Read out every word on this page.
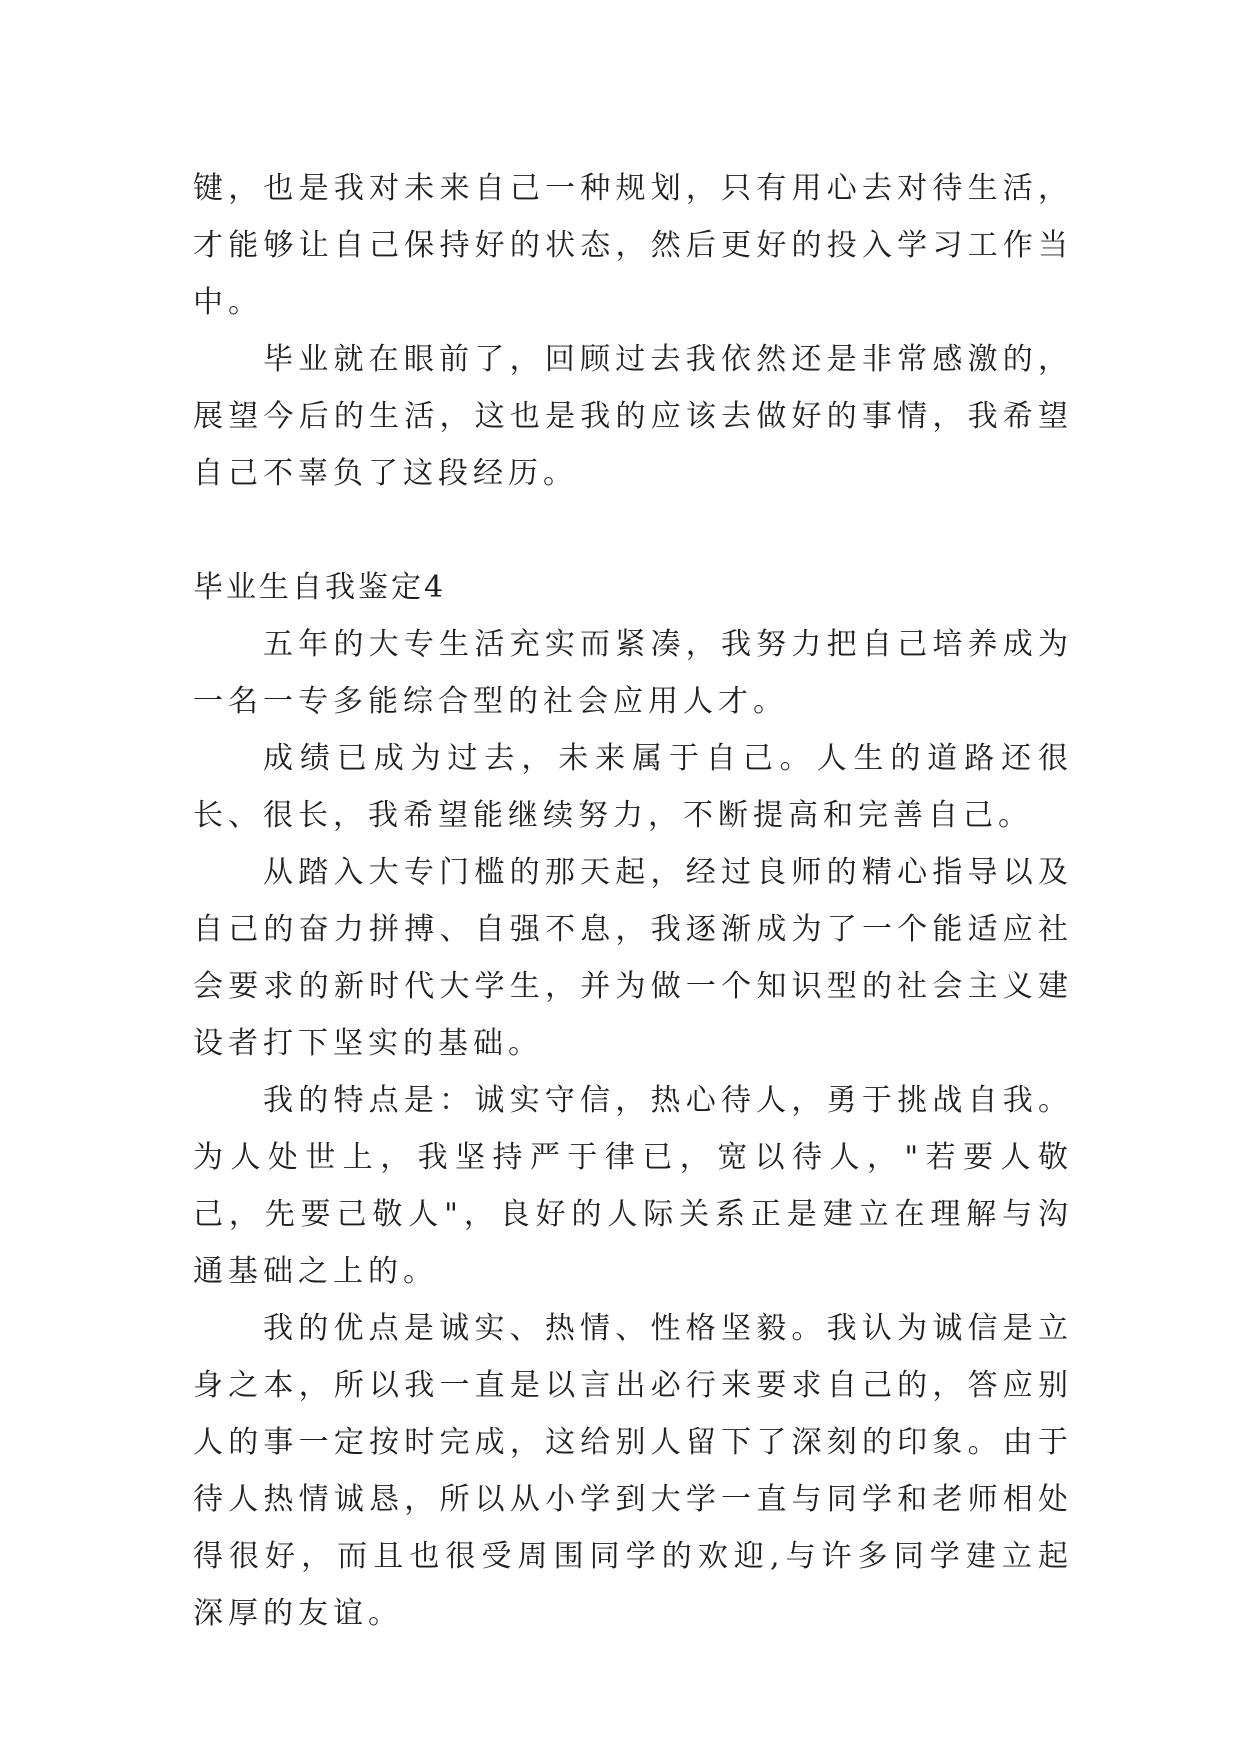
键，也是我对未来自己一种规划，只有用心去对待生活，才能够让自己保持好的状态，然后更好的投入学习工作当中。

毕业就在眼前了，回顾过去我依然还是非常感激的，展望今后的生活，这也是我的应该去做好的事情，我希望自己不辜负了这段经历。

毕业生自我鉴定4

五年的大专生活充实而紧凑，我努力把自己培养成为一名一专多能综合型的社会应用人才。

成绩已成为过去，未来属于自己。人生的道路还很长、很长，我希望能继续努力，不断提高和完善自己。

从踏入大专门槛的那天起，经过良师的精心指导以及自己的奋力拼搏、自强不息，我逐渐成为了一个能适应社会要求的新时代大学生，并为做一个知识型的社会主义建设者打下坚实的基础。

我的特点是：诚实守信，热心待人，勇于挑战自我。为人处世上，我坚持严于律已，宽以待人，"若要人敬己，先要己敬人"，良好的人际关系正是建立在理解与沟通基础之上的。

我的优点是诚实、热情、性格坚毅。我认为诚信是立身之本，所以我一直是以言出必行来要求自己的，答应别人的事一定按时完成，这给别人留下了深刻的印象。由于待人热情诚恳，所以从小学到大学一直与同学和老师相处得很好，而且也很受周围同学的欢迎,与许多同学建立起深厚的友谊。
